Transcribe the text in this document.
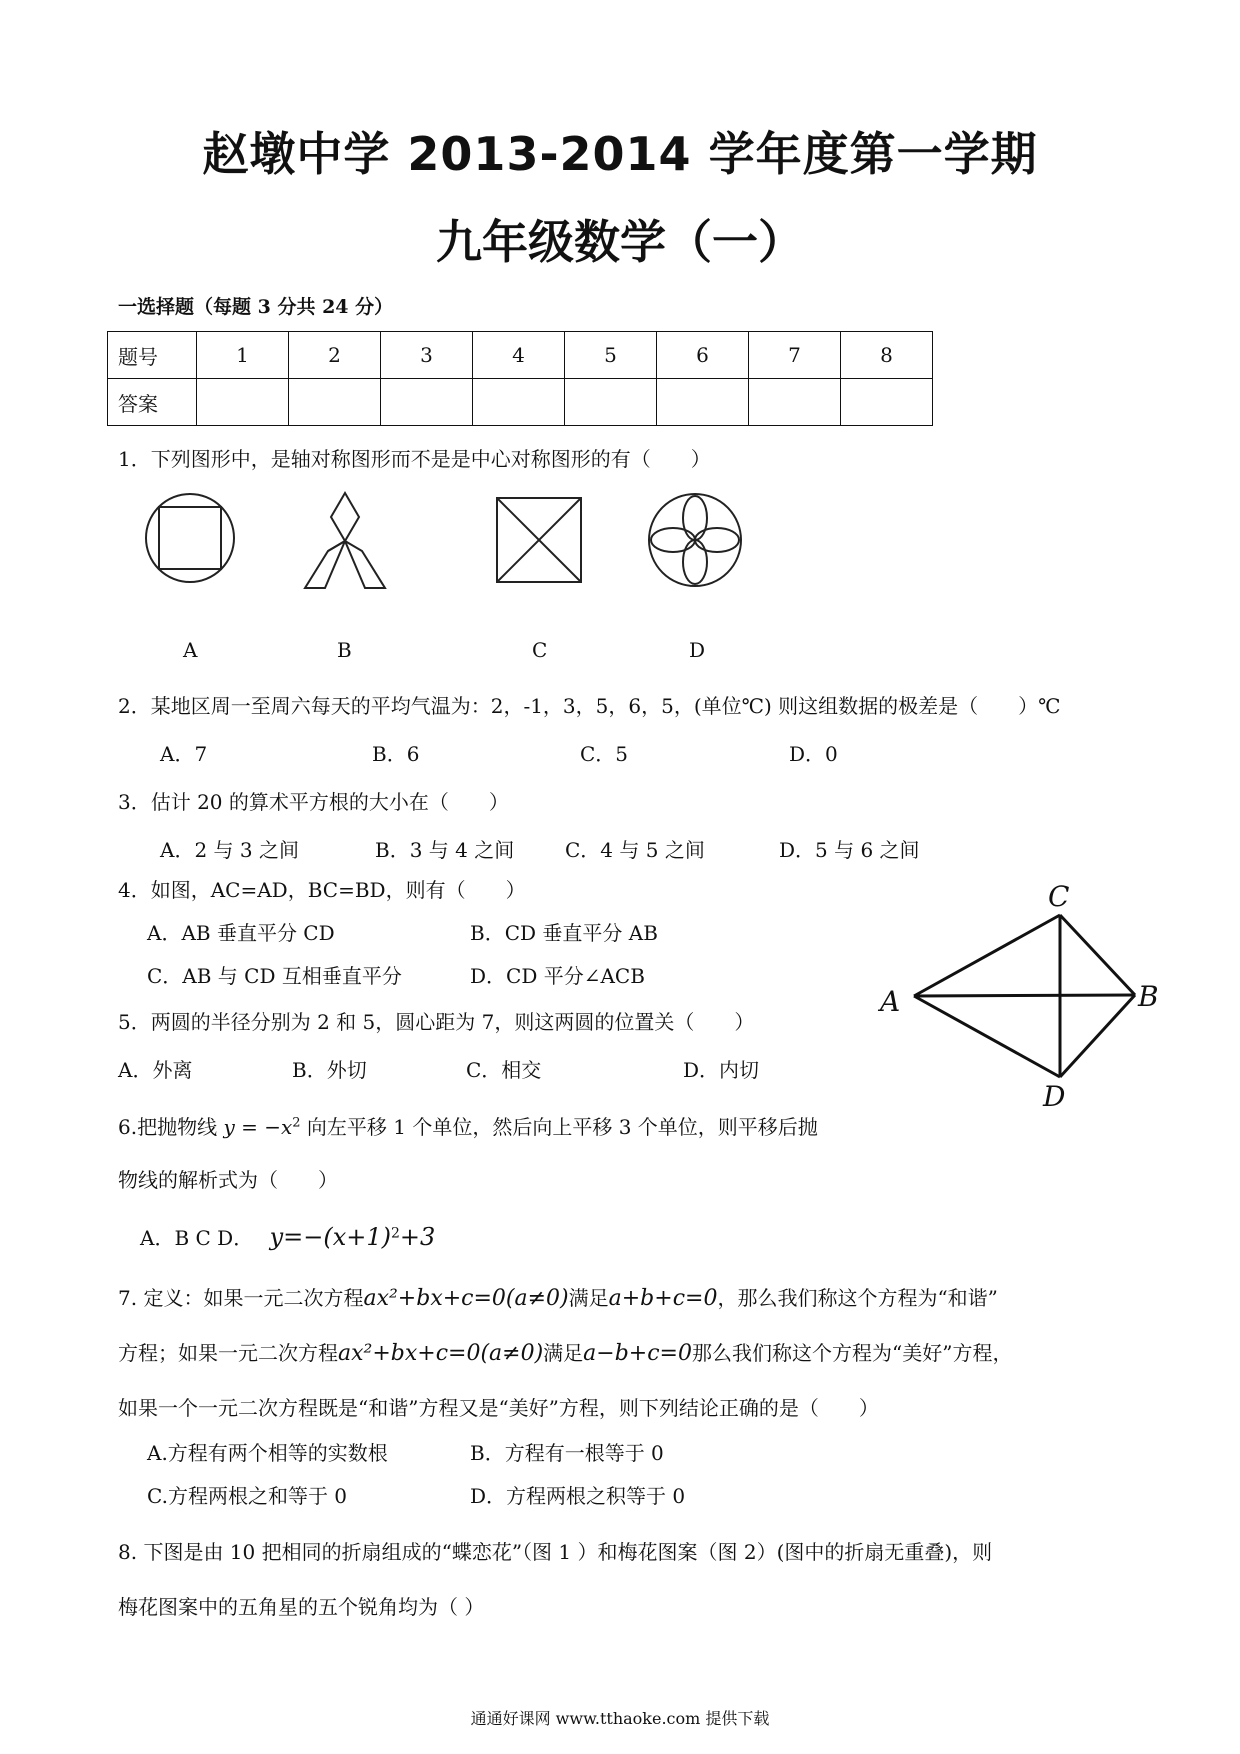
赵墩中学 2013-2014 学年度第一学期
九年级数学（一）
一选择题（每题 3 分共 24 分）
题号	1	2	3	4	5	6	7	8
答案								
1．下列图形中，是轴对称图形而不是是中心对称图形的有（　　）
A	B	C	D
2．某地区周一至周六每天的平均气温为：2，-1，3，5，6，5，(单位℃) 则这组数据的极差是（　　）℃
A．7	B．6	C．5	D．0
3．估计 20 的算术平方根的大小在（　　）
A．2 与 3 之间	B．3 与 4 之间	C．4 与 5 之间	D．5 与 6 之间
4．如图，AC=AD，BC=BD，则有（　　）
A．AB 垂直平分 CD	B．CD 垂直平分 AB
C．AB 与 CD 互相垂直平分	D．CD 平分∠ACB
C
A	B
D
5．两圆的半径分别为 2 和 5，圆心距为 7，则这两圆的位置关（　　）
A．外离	B．外切	C．相交	D．内切
6.把抛物线 $y = -x^2$ 向左平移 1 个单位，然后向上平移 3 个单位，则平移后抛
物线的解析式为（　　）
A．B C D． $y=-(x+1)^2+3$
7. 定义：如果一元二次方程ax²+bx+c=0(a≠0)满足a+b+c=0，那么我们称这个方程为“和谐”
方程；如果一元二次方程ax²+bx+c=0(a≠0)满足a−b+c=0那么我们称这个方程为“美好”方程，
如果一个一元二次方程既是“和谐”方程又是“美好”方程，则下列结论正确的是（　　）
A.方程有两个相等的实数根	B．方程有一根等于 0
C.方程两根之和等于 0	D．方程两根之积等于 0
8. 下图是由 10 把相同的折扇组成的“蝶恋花”（图 1 ）和梅花图案（图 2）(图中的折扇无重叠)，则
梅花图案中的五角星的五个锐角均为（ ）
通通好课网 www.tthaoke.com 提供下载
